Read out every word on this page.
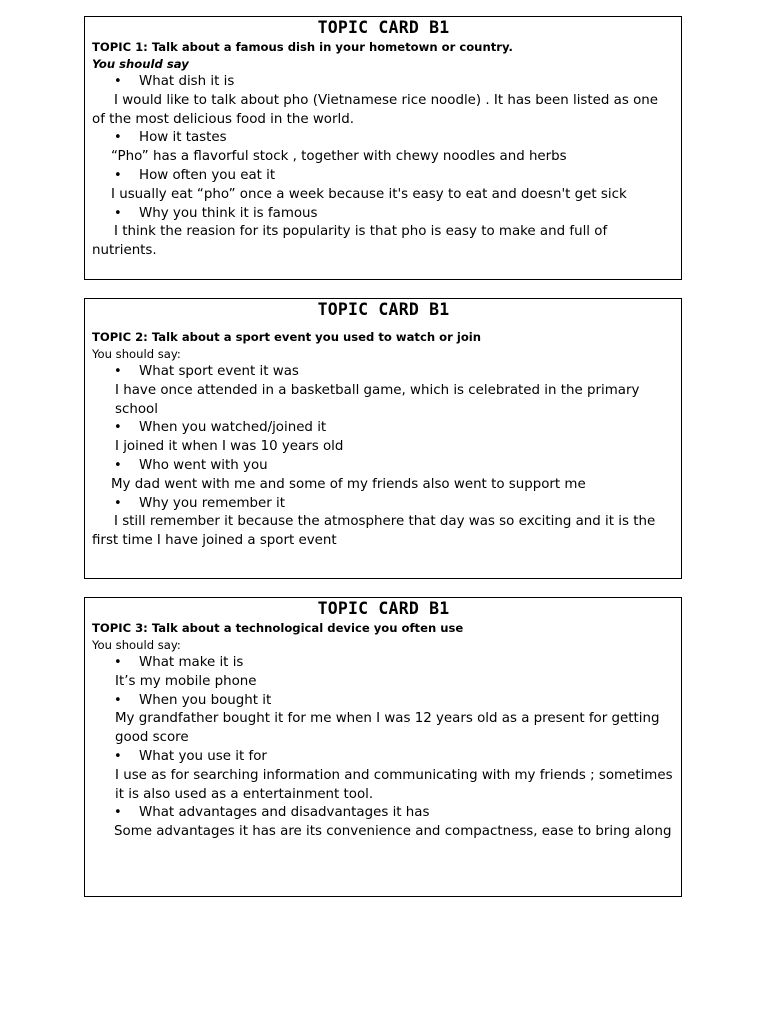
TOPIC CARD B1

TOPIC 1: Talk about a famous dish in your hometown or country.

You should say

• What dish it is

I would like to talk about pho (Vietnamese rice noodle) . It has been listed as one of the most delicious food in the world.

• How it tastes

“Pho” has a flavorful stock , together with chewy noodles and herbs

• How often you eat it

I usually eat “pho” once a week because it's easy to eat and doesn't get sick

• Why you think it is famous

I think the reasion for its popularity is that pho is easy to make and full of nutrients.

TOPIC CARD B1

TOPIC 2: Talk about a sport event you used to watch or join

You should say:

• What sport event it was

I have once attended in a basketball game, which is celebrated in the primary school

• When you watched/joined it

I joined it when I was 10 years old

• Who went with you

My dad went with me and some of my friends also went to support me

• Why you remember it

I still remember it because the atmosphere that day was so exciting and it is the first time I have joined a sport event

TOPIC CARD B1

TOPIC 3: Talk about a technological device you often use

You should say:

• What make it is

It’s my mobile phone

• When you bought it

My grandfather bought it for me when I was 12 years old as a present for getting good score

• What you use it for

I use as for searching information and communicating with my friends ; sometimes it is also used as a entertainment tool.

• What advantages and disadvantages it has

Some advantages it has are its convenience and compactness, ease to bring along
